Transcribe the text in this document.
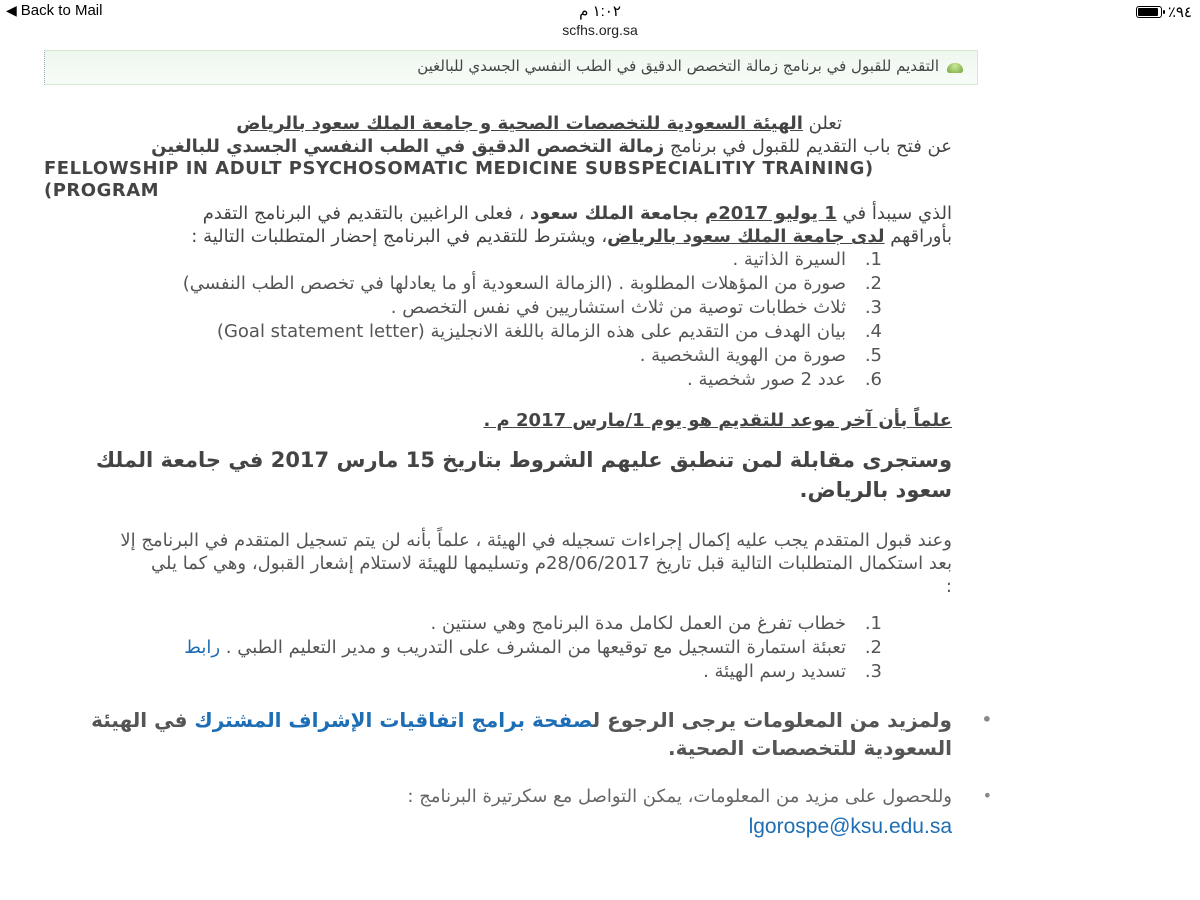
◀ Back to Mail	١:٠٢ م	٪٩٤
scfhs.org.sa
التقديم للقبول في برنامج زمالة التخصص الدقيق في الطب النفسي الجسدي للبالغين
تعلن الهيئة السعودية للتخصصات الصحية و جامعة الملك سعود بالرياض
عن فتح باب التقديم للقبول في برنامج زمالة التخصص الدقيق في الطب النفسي الجسدي للبالغين
FELLOWSHIP IN ADULT PSYCHOSOMATIC MEDICINE SUBSPECIALITIY TRAINING) (PROGRAM
الذي سيبدأ في 1 يوليو 2017م بجامعة الملك سعود ، فعلى الراغبين بالتقديم في البرنامج التقدم
بأوراقهم لدى جامعة الملك سعود بالرياض، ويشترط للتقديم في البرنامج إحضار المتطلبات التالية :
1.
السيرة الذاتية .
2.
صورة من المؤهلات المطلوبة . (الزمالة السعودية أو ما يعادلها في تخصص الطب النفسي)
3.
ثلاث خطابات توصية من ثلاث استشاريين في نفس التخصص .
4.
بيان الهدف من التقديم على هذه الزمالة باللغة الانجليزية (Goal statement letter)
5.
صورة من الهوية الشخصية .
6.
عدد 2 صور شخصية .
علماً بأن آخر موعد للتقديم هو يوم 1/مارس 2017 م .
وستجرى مقابلة لمن تنطبق عليهم الشروط بتاريخ 15 مارس 2017 في جامعة الملك سعود بالرياض.
وعند قبول المتقدم يجب عليه إكمال إجراءات تسجيله في الهيئة ، علماً بأنه لن يتم تسجيل المتقدم في البرنامج إلا
بعد استكمال المتطلبات التالية قبل تاريخ 28/06/2017م وتسليمها للهيئة لاستلام إشعار القبول، وهي كما يلي
:
1.
خطاب تفرغ من العمل لكامل مدة البرنامج وهي سنتين .
2.
تعبئة استمارة التسجيل مع توقيعها من المشرف على التدريب و مدير التعليم الطبي . رابط
3.
تسديد رسم الهيئة .
•
ولمزيد من المعلومات يرجى الرجوع لصفحة برامج اتفاقيات الإشراف المشترك في الهيئة
السعودية للتخصصات الصحية.
•
وللحصول على مزيد من المعلومات، يمكن التواصل مع سكرتيرة البرنامج :
lgorospe@ksu.edu.sa
